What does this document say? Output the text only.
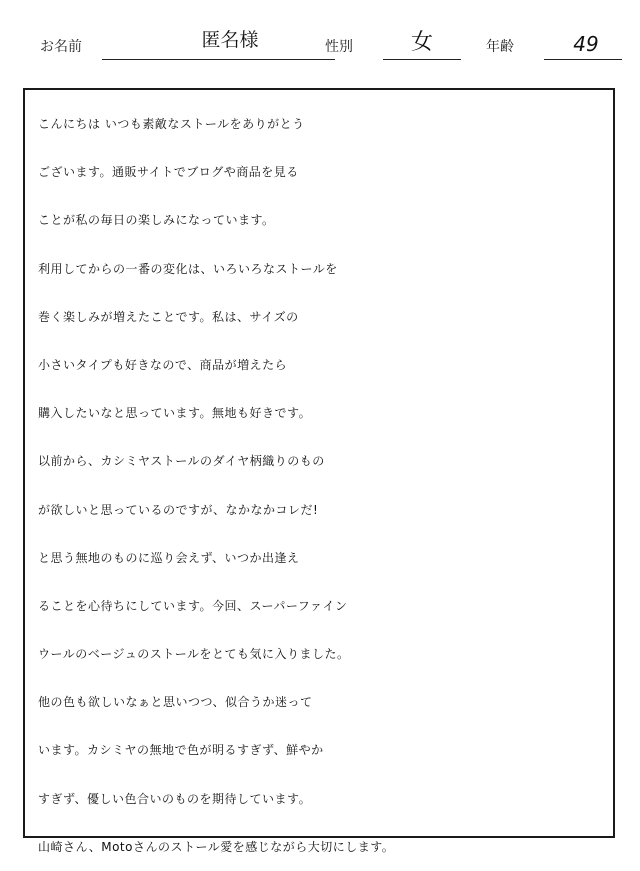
お名前	匿名様	性別	女	年齢	49
こんにちは いつも素敵なストールをありがとう
ございます。通販サイトでブログや商品を見る
ことが私の毎日の楽しみになっています。
利用してからの一番の変化は、いろいろなストールを
巻く楽しみが増えたことです。私は、サイズの
小さいタイプも好きなので、商品が増えたら
購入したいなと思っています。無地も好きです。
以前から、カシミヤストールのダイヤ柄織りのもの
が欲しいと思っているのですが、なかなかコレだ!
と思う無地のものに巡り会えず、いつか出逢え
ることを心待ちにしています。今回、スーパーファイン
ウールのベージュのストールをとても気に入りました。
他の色も欲しいなぁと思いつつ、似合うか迷って
います。カシミヤの無地で色が明るすぎず、鮮やか
すぎず、優しい色合いのものを期待しています。
山崎さん、Motoさんのストール愛を感じながら大切にします。
